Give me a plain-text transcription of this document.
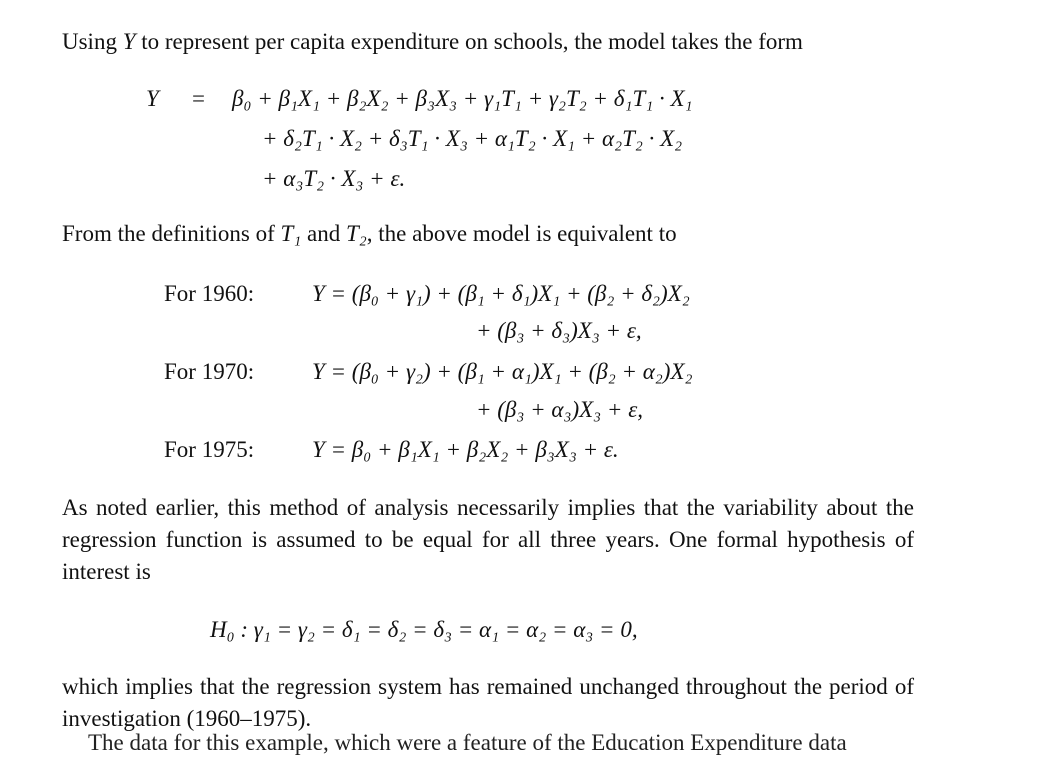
Using Y to represent per capita expenditure on schools, the model takes the form

Y = β₀ + β₁X₁ + β₂X₂ + β₃X₃ + γ₁T₁ + γ₂T₂ + δ₁T₁ · X₁
+ δ₂T₁ · X₂ + δ₃T₁ · X₃ + α₁T₂ · X₁ + α₂T₂ · X₂
+ α₃T₂ · X₃ + ε.

From the definitions of T₁ and T₂, the above model is equivalent to

For 1960:	Y = (β₀ + γ₁) + (β₁ + δ₁)X₁ + (β₂ + δ₂)X₂
+ (β₃ + δ₃)X₃ + ε,
For 1970:	Y = (β₀ + γ₂) + (β₁ + α₁)X₁ + (β₂ + α₂)X₂
+ (β₃ + α₃)X₃ + ε,
For 1975:	Y = β₀ + β₁X₁ + β₂X₂ + β₃X₃ + ε.

As noted earlier, this method of analysis necessarily implies that the variability about the regression function is assumed to be equal for all three years. One formal hypothesis of interest is

H₀ : γ₁ = γ₂ = δ₁ = δ₂ = δ₃ = α₁ = α₂ = α₃ = 0,

which implies that the regression system has remained unchanged throughout the period of investigation (1960–1975).

The data for this example, which were a feature of the Education Expenditure data
